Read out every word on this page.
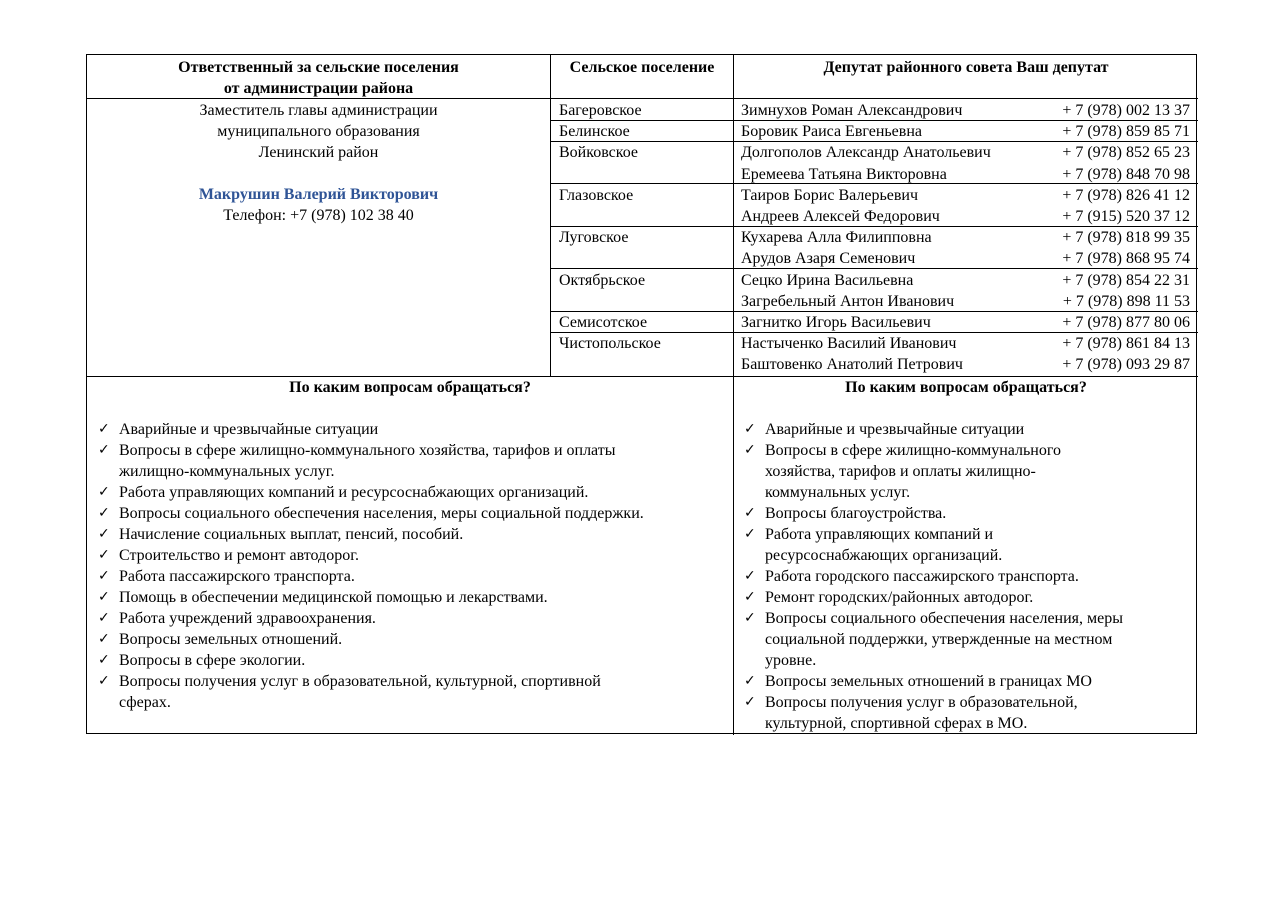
Ответственный за сельские поселения
от администрации района
Сельское поселение	Депутат районного совета Ваш депутат
Заместитель главы администрации
муниципального образования
Ленинский район
Макрушин Валерий Викторович
Телефон: +7 (978) 102 38 40
Багеровское	Зимнухов Роман Александрович	+ 7 (978) 002 13 37
Белинское	Боровик Раиса Евгеньевна	+ 7 (978) 859 85 71
Войковское	Долгополов Александр Анатольевич	+ 7 (978) 852 65 23
Еремеева Татьяна Викторовна	+ 7 (978) 848 70 98
Глазовское	Таиров Борис Валерьевич	+ 7 (978) 826 41 12
Андреев Алексей Федорович	+ 7 (915) 520 37 12
Луговское	Кухарева Алла Филипповна	+ 7 (978) 818 99 35
Арудов Азаря Семенович	+ 7 (978) 868 95 74
Октябрьское	Сецко Ирина Васильевна	+ 7 (978) 854 22 31
Загребельный Антон Иванович	+ 7 (978) 898 11 53
Семисотское	Загнитко Игорь Васильевич	+ 7 (978) 877 80 06
Чистопольское	Настыченко Василий Иванович	+ 7 (978) 861 84 13
Баштовенко Анатолий Петрович	+ 7 (978) 093 29 87
По каким вопросам обращаться?
✓ Аварийные и чрезвычайные ситуации
✓ Вопросы в сфере жилищно-коммунального хозяйства, тарифов и оплаты
жилищно-коммунальных услуг.
✓ Работа управляющих компаний и ресурсоснабжающих организаций.
✓ Вопросы социального обеспечения населения, меры социальной поддержки.
✓ Начисление социальных выплат, пенсий, пособий.
✓ Строительство и ремонт автодорог.
✓ Работа пассажирского транспорта.
✓ Помощь в обеспечении медицинской помощью и лекарствами.
✓ Работа учреждений здравоохранения.
✓ Вопросы земельных отношений.
✓ Вопросы в сфере экологии.
✓ Вопросы получения услуг в образовательной, культурной, спортивной
сферах.
По каким вопросам обращаться?
✓ Аварийные и чрезвычайные ситуации
✓ Вопросы в сфере жилищно-коммунального
хозяйства, тарифов и оплаты жилищно-
коммунальных услуг.
✓ Вопросы благоустройства.
✓ Работа управляющих компаний и
ресурсоснабжающих организаций.
✓ Работа городского пассажирского транспорта.
✓ Ремонт городских/районных автодорог.
✓ Вопросы социального обеспечения населения, меры
социальной поддержки, утвержденные на местном
уровне.
✓ Вопросы земельных отношений в границах МО
✓ Вопросы получения услуг в образовательной,
культурной, спортивной сферах в МО.
